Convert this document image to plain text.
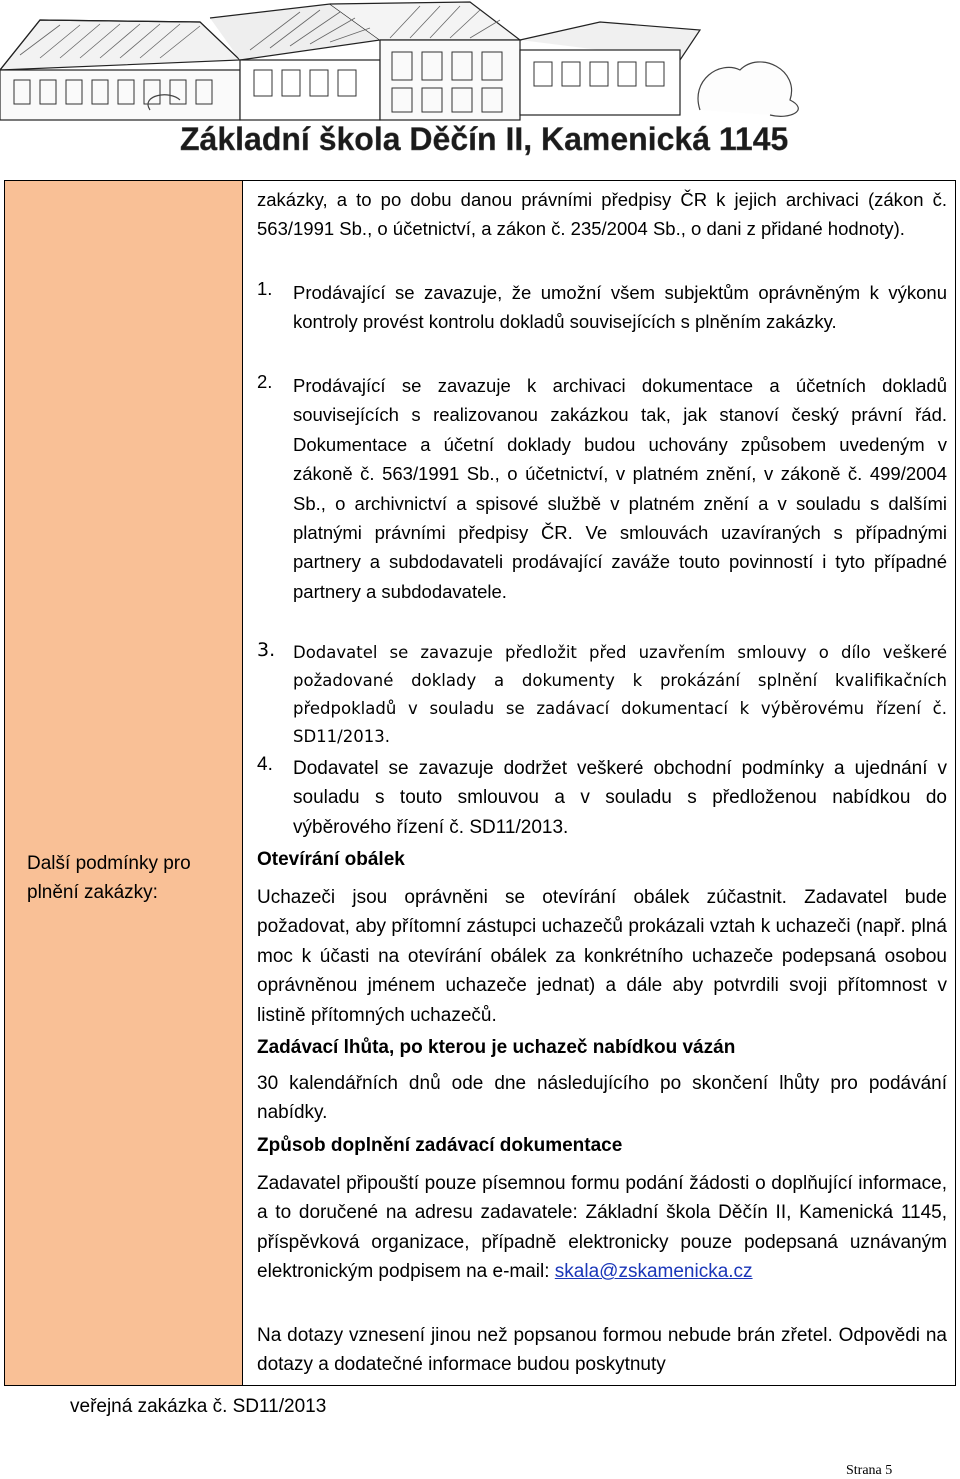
Základní škola Děčín II, Kamenická 1145
Další podmínky pro plnění zakázky:
zakázky, a to po dobu danou právními předpisy ČR k jejich archivaci (zákon č. 563/1991 Sb., o účetnictví, a zákon č. 235/2004 Sb., o dani z přidané hodnoty).
1.	Prodávající se zavazuje, že umožní všem subjektům oprávněným k výkonu kontroly provést kontrolu dokladů souvisejících s plněním zakázky.
2.	Prodávající se zavazuje k archivaci dokumentace a účetních dokladů souvisejících s realizovanou zakázkou tak, jak stanoví český právní řád. Dokumentace a účetní doklady budou uchovány způsobem uvedeným v zákoně č. 563/1991 Sb., o účetnictví, v platném znění, v zákoně č. 499/2004 Sb., o archivnictví a spisové službě v platném znění a v souladu s dalšími platnými právními předpisy ČR. Ve smlouvách uzavíraných s případnými partnery a subdodavateli prodávající zaváže touto povinností i tyto případné partnery a subdodavatele.
3.	Dodavatel se zavazuje předložit před uzavřením smlouvy o dílo veškeré požadované doklady a dokumenty k prokázání splnění kvalifikačních předpokladů v souladu se zadávací dokumentací k výběrovému řízení č. SD11/2013.
4.	Dodavatel se zavazuje dodržet veškeré obchodní podmínky a ujednání v souladu s touto smlouvou a v souladu s předloženou nabídkou do výběrového řízení č. SD11/2013.
Otevírání obálek
Uchazeči jsou oprávněni se otevírání obálek zúčastnit. Zadavatel bude požadovat, aby přítomní zástupci uchazečů prokázali vztah k uchazeči (např. plná moc k účasti na otevírání obálek za konkrétního uchazeče podepsaná osobou oprávněnou jménem uchazeče jednat) a dále aby potvrdili svoji přítomnost v listině přítomných uchazečů.
Zadávací lhůta, po kterou je uchazeč nabídkou vázán
30 kalendářních dnů ode dne následujícího po skončení lhůty pro podávání nabídky.
Způsob doplnění zadávací dokumentace
Zadavatel připouští pouze písemnou formu podání žádosti o doplňující informace, a to doručené na adresu zadavatele: Základní škola Děčín II, Kamenická 1145, příspěvková organizace, případně elektronicky pouze podepsaná uznávaným elektronickým podpisem na e-mail: skala@zskamenicka.cz
Na dotazy vznesení jinou než popsanou formou nebude brán zřetel. Odpovědi na dotazy a dodatečné informace budou poskytnuty
veřejná zakázka č. SD11/2013
Strana 5
